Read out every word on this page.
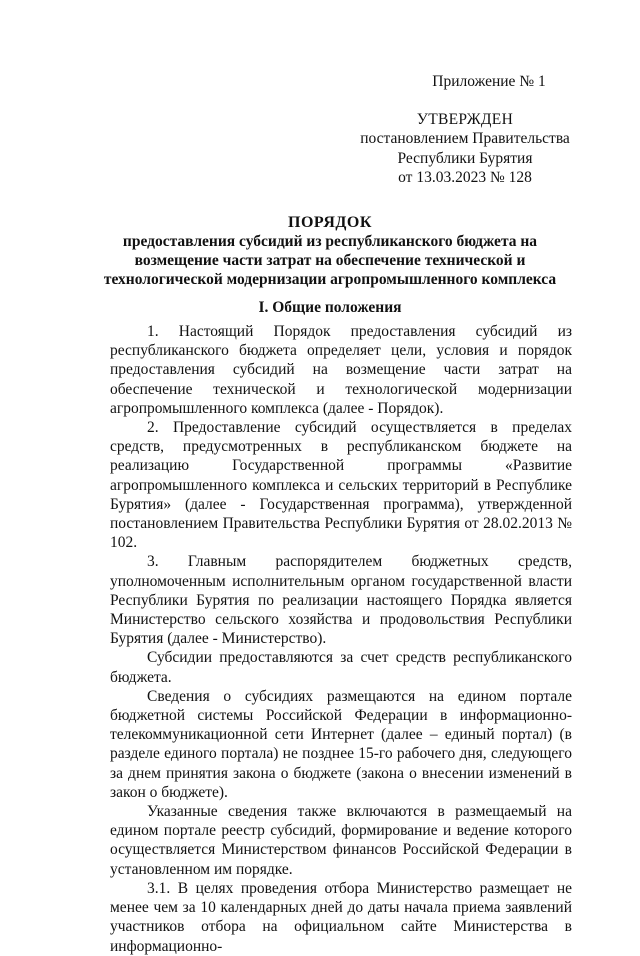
Приложение № 1
УТВЕРЖДЕН
постановлением Правительства
Республики Бурятия
от 13.03.2023 № 128
ПОРЯДОК
предоставления субсидий из республиканского бюджета на
возмещение части затрат на обеспечение технической и
технологической модернизации агропромышленного комплекса
I. Общие положения

1. Настоящий Порядок предоставления субсидий из республиканского бюджета определяет цели, условия и порядок предоставления субсидий на возмещение части затрат на обеспечение технической и технологической модернизации агропромышленного комплекса (далее - Порядок).

2. Предоставление субсидий осуществляется в пределах средств, предусмотренных в республиканском бюджете на реализацию Государственной программы «Развитие агропромышленного комплекса и сельских территорий в Республике Бурятия» (далее - Государственная программа), утвержденной постановлением Правительства Республики Бурятия от 28.02.2013 № 102.

3. Главным распорядителем бюджетных средств, уполномоченным исполнительным органом государственной власти Республики Бурятия по реализации настоящего Порядка является Министерство сельского хозяйства и продовольствия Республики Бурятия (далее - Министерство).

Субсидии предоставляются за счет средств республиканского бюджета.

Сведения о субсидиях размещаются на едином портале бюджетной системы Российской Федерации в информационно-телекоммуникационной сети Интернет (далее – единый портал) (в разделе единого портала) не позднее 15-го рабочего дня, следующего за днем принятия закона о бюджете (закона о внесении изменений в закон о бюджете).

Указанные сведения также включаются в размещаемый на едином портале реестр субсидий, формирование и ведение которого осуществляется Министерством финансов Российской Федерации в установленном им порядке.

3.1. В целях проведения отбора Министерство размещает не менее чем за 10 календарных дней до даты начала приема заявлений участников отбора на официальном сайте Министерства в информационно-
